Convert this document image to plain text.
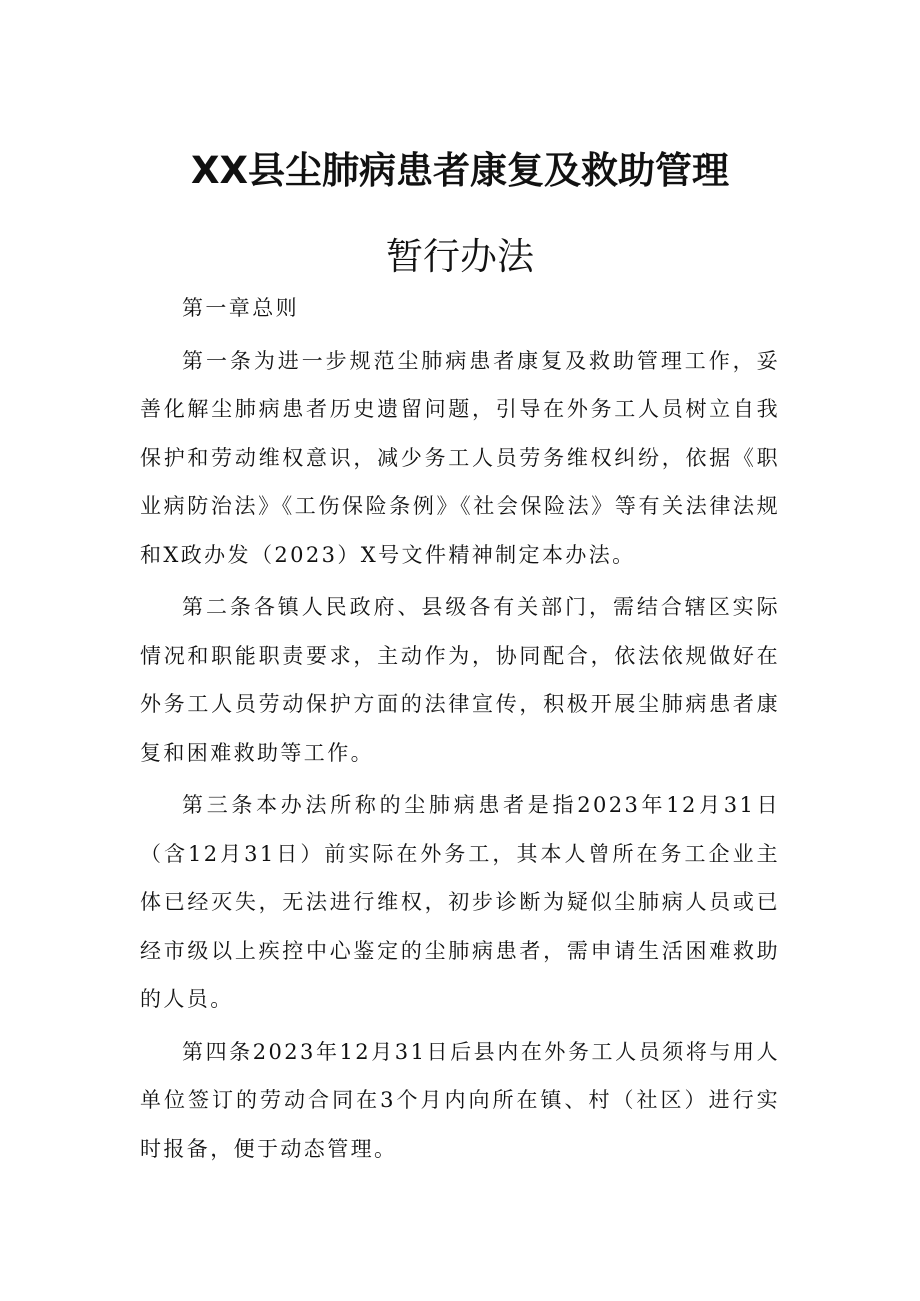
XX县尘肺病患者康复及救助管理
暂行办法

第一章总则

第一条为进一步规范尘肺病患者康复及救助管理工作，妥善化解尘肺病患者历史遗留问题，引导在外务工人员树立自我保护和劳动维权意识，减少务工人员劳务维权纠纷，依据《职业病防治法》《工伤保险条例》《社会保险法》等有关法律法规和X政办发（2023）X号文件精神制定本办法。

第二条各镇人民政府、县级各有关部门，需结合辖区实际情况和职能职责要求，主动作为，协同配合，依法依规做好在外务工人员劳动保护方面的法律宣传，积极开展尘肺病患者康复和困难救助等工作。

第三条本办法所称的尘肺病患者是指2023年12月31日（含12月31日）前实际在外务工，其本人曾所在务工企业主体已经灭失，无法进行维权，初步诊断为疑似尘肺病人员或已经市级以上疾控中心鉴定的尘肺病患者，需申请生活困难救助的人员。

第四条2023年12月31日后县内在外务工人员须将与用人单位签订的劳动合同在3个月内向所在镇、村（社区）进行实时报备，便于动态管理。
